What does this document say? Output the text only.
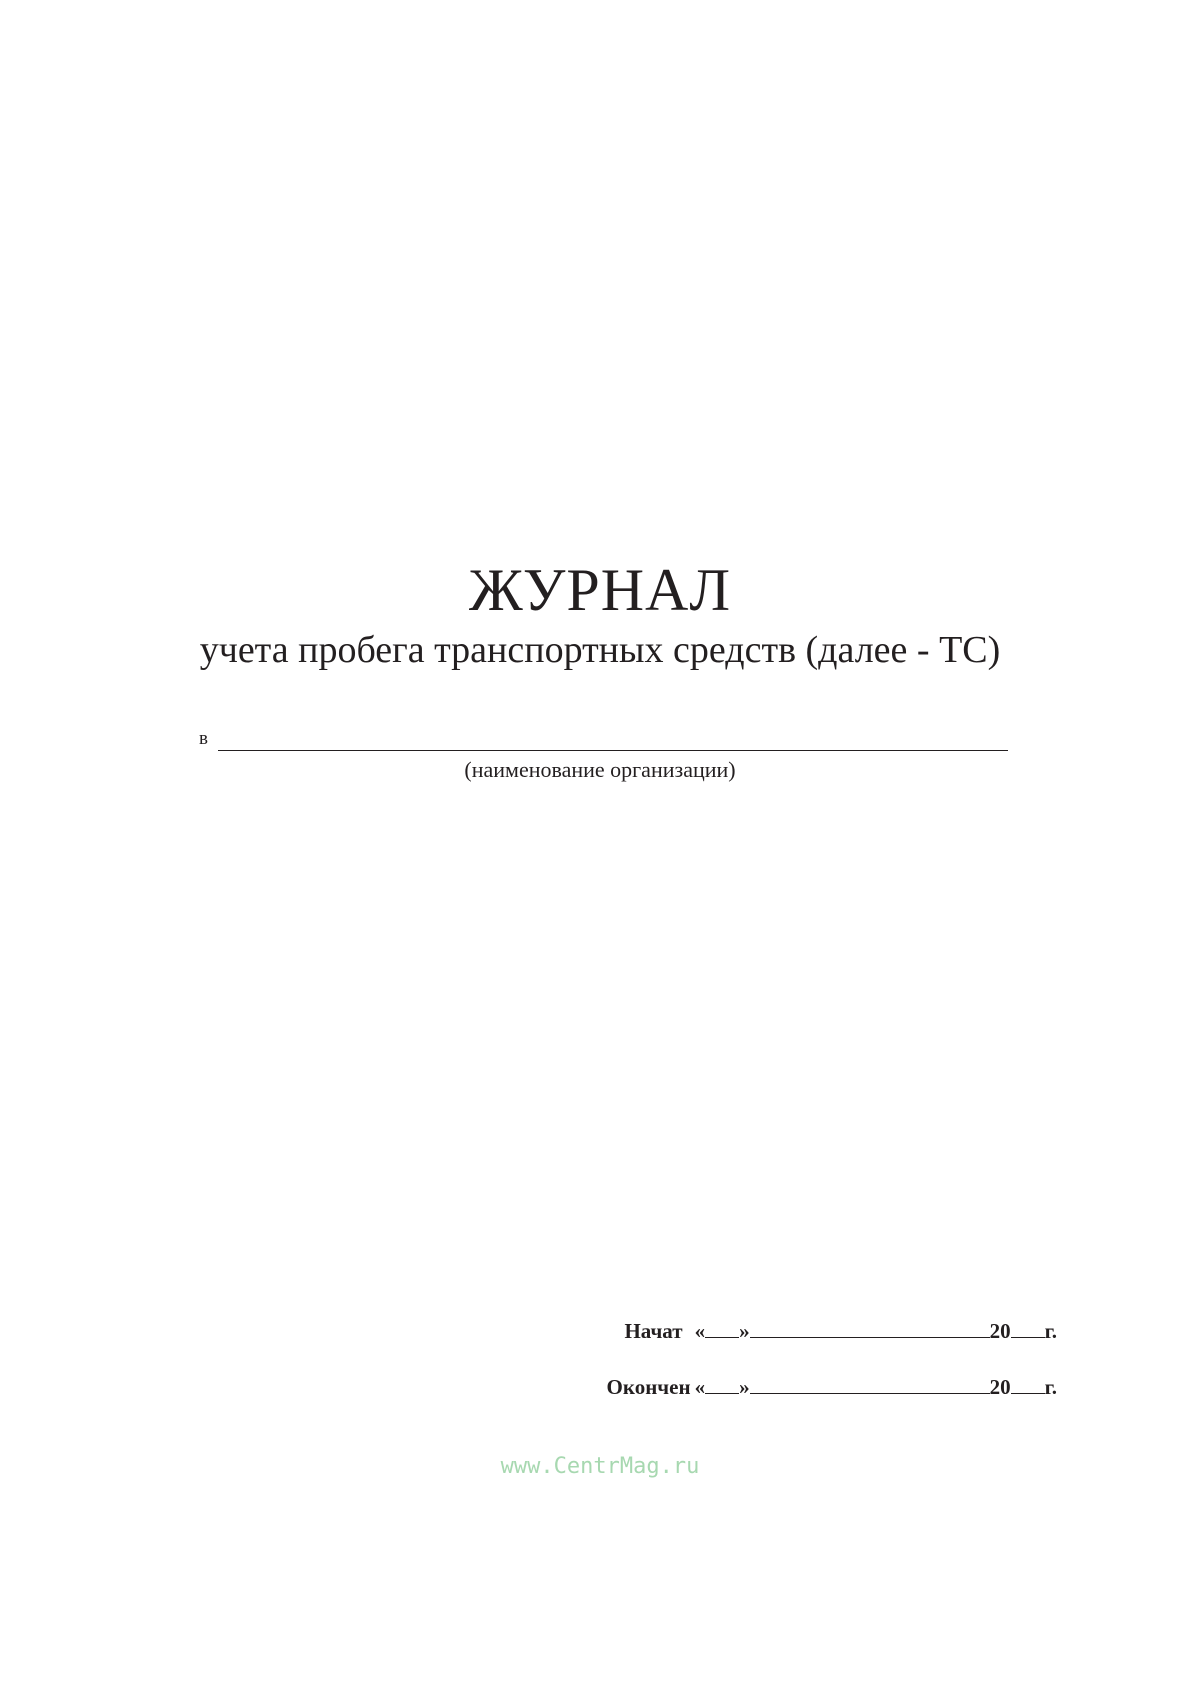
ЖУРНАЛ
учета пробега транспортных средств (далее - ТС)
в
(наименование организации)
Начат « »	20 г.
Окончен « »	20 г.
www.CentrMag.ru
